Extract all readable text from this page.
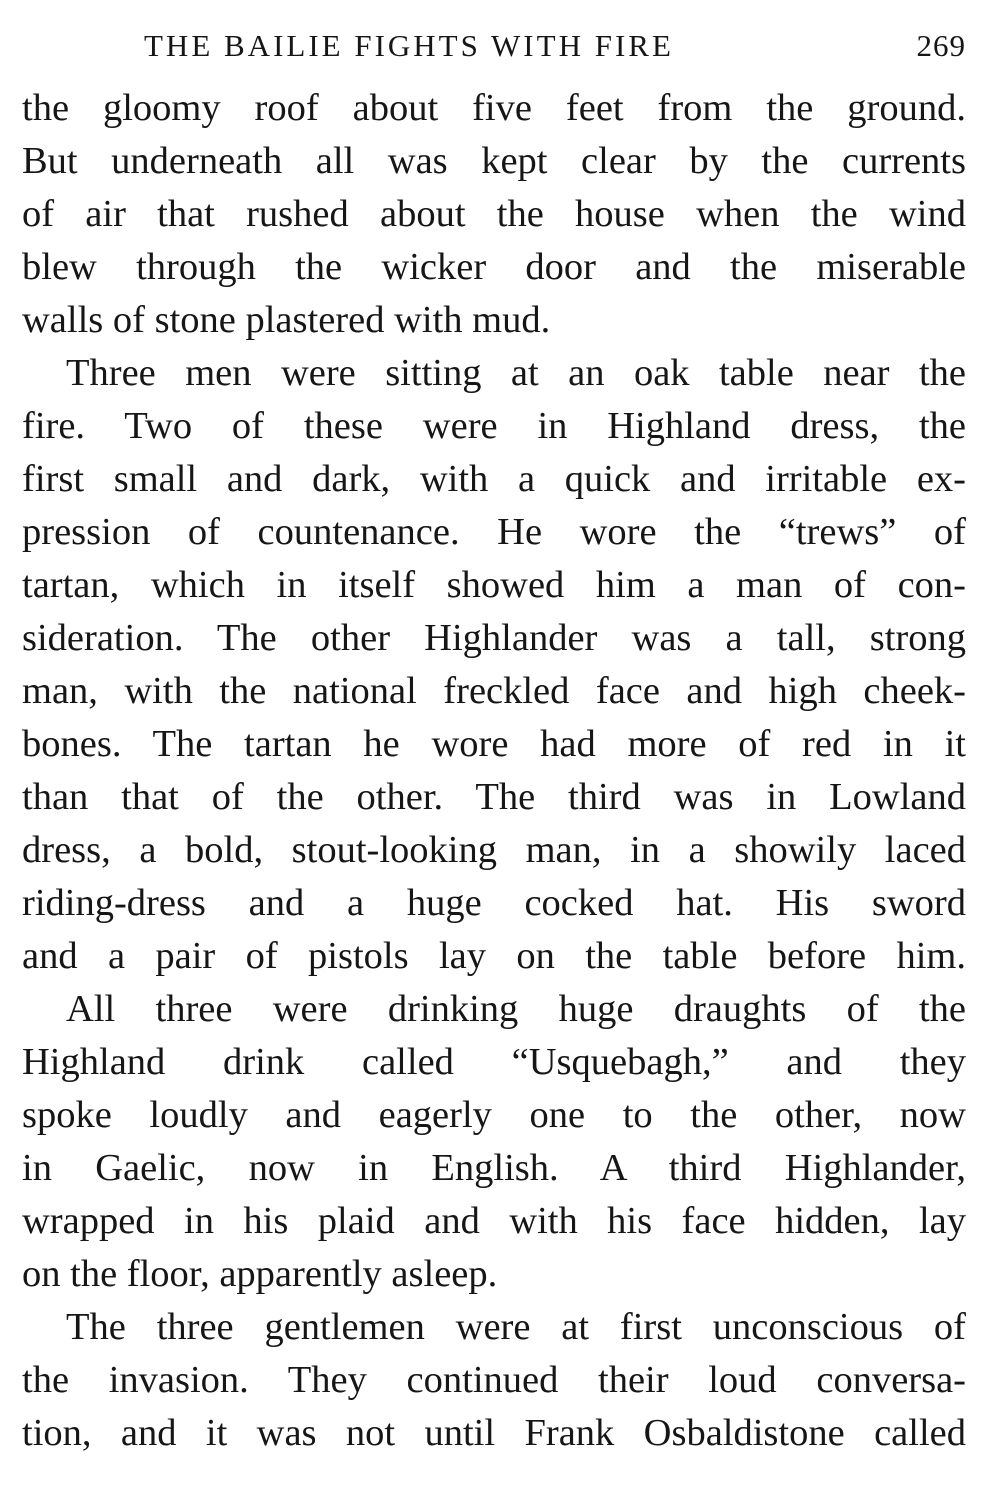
THE BAILIE FIGHTS WITH FIRE	269

the gloomy roof about five feet from the ground.
But underneath all was kept clear by the currents
of air that rushed about the house when the wind
blew through the wicker door and the miserable
walls of stone plastered with mud.

Three men were sitting at an oak table near the
fire. Two of these were in Highland dress, the
first small and dark, with a quick and irritable ex-
pression of countenance. He wore the “trews” of
tartan, which in itself showed him a man of con-
sideration. The other Highlander was a tall, strong
man, with the national freckled face and high cheek-
bones. The tartan he wore had more of red in it
than that of the other. The third was in Lowland
dress, a bold, stout-looking man, in a showily laced
riding-dress and a huge cocked hat. His sword
and a pair of pistols lay on the table before him.

All three were drinking huge draughts of the
Highland drink called “Usquebagh,” and they
spoke loudly and eagerly one to the other, now
in Gaelic, now in English. A third Highlander,
wrapped in his plaid and with his face hidden, lay
on the floor, apparently asleep.

The three gentlemen were at first unconscious of
the invasion. They continued their loud conversa-
tion, and it was not until Frank Osbaldistone called
